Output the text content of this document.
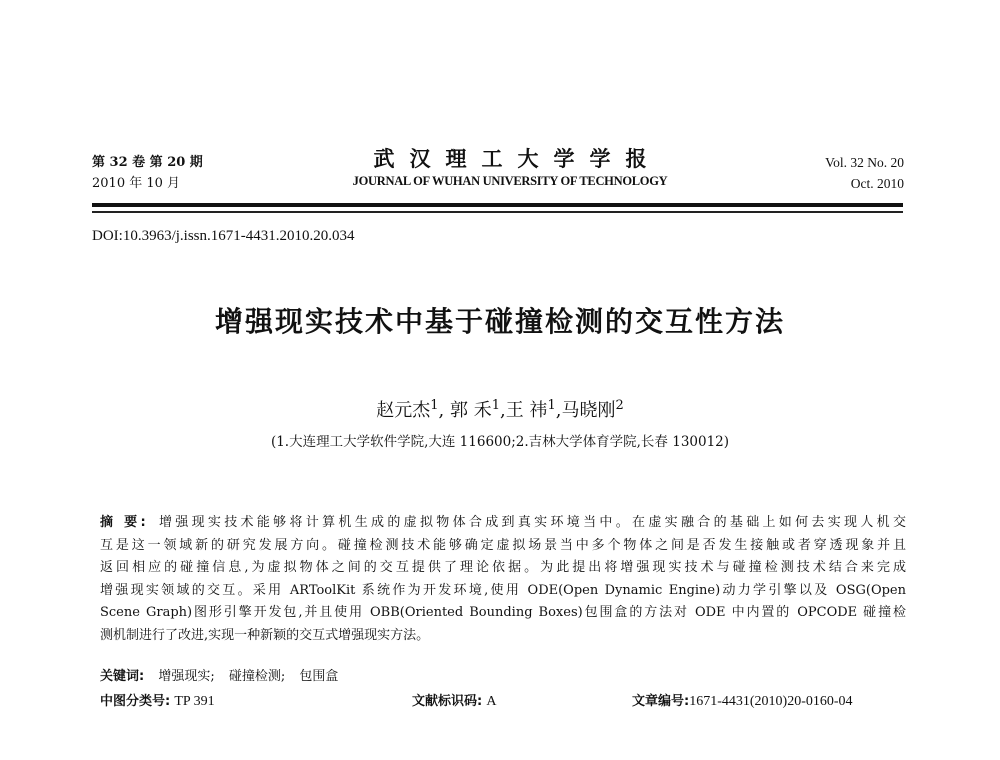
第 32 卷 第 20 期
2010 年 10 月
武汉理工大学学报
JOURNAL OF WUHAN UNIVERSITY OF TECHNOLOGY
Vol. 32 No. 20
Oct. 2010
DOI:10.3963/j.issn.1671-4431.2010.20.034
增强现实技术中基于碰撞检测的交互性方法
赵元杰$^1$, 郭 禾$^1$,王 祎$^1$,马晓刚$^2$
(1.大连理工大学软件学院,大连 116600;2.吉林大学体育学院,长春 130012)
摘 要: 增强现实技术能够将计算机生成的虚拟物体合成到真实环境当中。在虚实融合的基础上如何去实现人机交
互是这一领域新的研究发展方向。碰撞检测技术能够确定虚拟场景当中多个物体之间是否发生接触或者穿透现象并且
返回相应的碰撞信息,为虚拟物体之间的交互提供了理论依据。为此提出将增强现实技术与碰撞检测技术结合来完成
增强现实领域的交互。采用 ARToolKit 系统作为开发环境,使用 ODE(Open Dynamic Engine)动力学引擎以及 OSG(Open
Scene Graph)图形引擎开发包,并且使用 OBB(Oriented Bounding Boxes)包围盒的方法对 ODE 中内置的 OPCODE 碰撞检
测机制进行了改进,实现一种新颖的交互式增强现实方法。
关键词: 增强现实; 碰撞检测; 包围盒
中图分类号: TP 391	文献标识码: A	文章编号:1671-4431(2010)20-0160-04
